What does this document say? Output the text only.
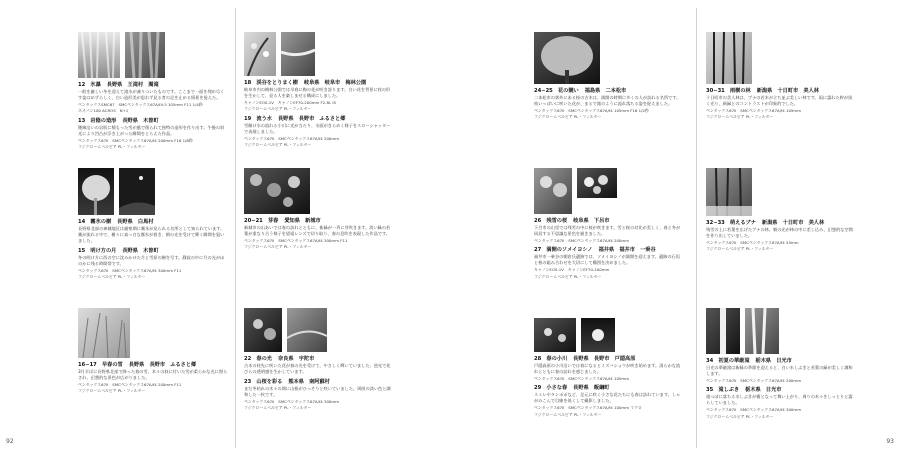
92
12　氷瀑 長野県　王滝村　濁滝
一般を厳しい冬を迎えて滝水が凍りついたものです。ここまで一面を埋め尽くす姿はめずらしく、白い造形美が思わず見る者の足を止める情景を捉えた。
ペンタックスSMC67　SMCペンタックス67A/f4.5 105mm F11 1/4秒
ネオパン100 ACROS　N+1
13　岩陰の造形 長野県　木曽町
稜線沿いの岩肌に積もった雪が風で削られて独特の造形を作り出す。午後の斜光により凹凸が浮き上がった瞬間をとらえた作品。
ペンタックス67II　SMCペンタックス67A/f4 200mm F16 1/8秒
フジクロームベルビア PL・フィルター
14　霧氷の樹 長野県　白馬村
長野県北部の神城地区は厳寒期に霧氷が見られる名所として知られています。霧が流れる中で、樹々に真っ白な霧氷が着き、朝の光を受けて輝く瞬間を狙いました。
15　明け方の月 長野県　木曽町
冬の明け方に西の空に沈みかけた月と雪原の樹を写す。静寂の中に月の光がほのかに残る時間帯です。
ペンタックス67II　SMCペンタックス67A/f4 300mm F11
フジクロームベルビア PL・フィルター
16−17　早春の雪 長野県　長野市　ふるさと郷
3月半ばに長野県北部で降った春の雪。木々の枝に付いた雪が柔らかな光に照らされ、幻想的な景色が広がりました。
ペンタックス67II　SMCペンタックス67A/f4 200mm F11
フジクロームベルビア PL・フィルター
18　渓谷をとりまく樹 岐阜県　岐阜市　梅林公園
岐阜市内の梅林公園では早春に梅の花が咲き誇ります。白い花を背景に枝の形を生かして、見る人を楽しませる構成にしました。
キャノンEOS-1V　キャノンEF70-200mm F2.8L IS
フジクロームベルビア PL・フィルター
19　流う水 長野県　長野市　ふるさと郷
雪解け水の流れる小川に光が当たり、水面がきらめく様子をスローシャッターで表現しました。
ペンタックス67II　SMCペンタックス67A/f4 200mm
フジクロームベルビア PL・フィルター
20−21　芽春 愛知県　新城市
新城市の山あいでは春の訪れとともに、新緑が一斉に芽吹きます。淡い緑の若葉が重なり合う様子を望遠レンズで切り取り、春の息吹を表現した作品です。
ペンタックス67II　SMCペンタックス67A/f4 300mm F11
フジクロームベルビア PL・フィルター
22　春の光 奈良県　宇陀市
古木の枝先に咲いた花が春の光を受けて、やさしく輝いていました。逆光で花びらの透明感を生かしています。
23　山桜を彩る 熊本県　南阿蘇村
まだ冬枯れの木々の間に山桜がひっそりと咲いていました。周囲の淡い色と調和した一枚です。
ペンタックス67II　SMCペンタックス67A/f4 300mm
フジクロームベルビア PL・フィルター
93
24−25　花の競い 福島県　二本松市
二本松市の郊外にある桜の古木は、満開の時期に多くの人が訪れる名所です。枝いっぱいに咲いた花が、まるで滝のように流れ落ちる姿を捉えました。
ペンタックス67II　SMCペンタックス67A/f4 105mm F16 1/2秒
フジクロームベルビア PL・フィルター
26　残雪の桜 岐阜県　下呂市
下呂市の山里では残雪の中に桜が咲きます。雪と桜の対比が美しく、春と冬が同居する不思議な景色を描きました。
ペンタックス67II　SMCペンタックス67A/f4 200mm
27　満開のソメイヨシノ 福井県　福井市　一乗谷
福井市一乗谷の朝倉氏遺跡では、ソメイヨシノが満開を迎えます。遺跡の石垣と桜の組み合わせを大切にして構図を決めました。
キャノンEOS-1V　キャノンEF70-200mm
フジクロームベルビア PL・フィルター
28　春の小川 長野県　長野市　戸隠高原
戸隠高原の小川沿いでは春になるとミズバショウが咲き始めます。清らかな流れとともに春の訪れを感じました。
ペンタックス67II　SMCペンタックス67A/f4 105mm
29　小さな春 長野県　飯綱町
スミレやタンポポなど、足元に咲く小さな花たちにも春は訪れています。しゃがみこんで目線を低くして撮影しました。
ペンタックス67II　SMCペンタックス67A/f4 100mm マクロ
フジクロームベルビア PL・フィルター
30−31　雨樹の林 新潟県　十日町市　美人林
十日町市の美人林は、ブナの若木が立ち並ぶ美しい林です。雨に濡れた幹が黒く光り、新緑とのコントラストが印象的でした。
ペンタックス67II　SMCペンタックス67A/f4 105mm
フジクロームベルビア PL・フィルター
32−33　萌えるブナ 新潟県　十日町市　美人林
残雪の上に若葉を広げたブナの林。朝の光が林の中に差し込み、幻想的な空間を作り出していました。
ペンタックス67II　SMCペンタックス67A/f4 55mm
フジクロームベルビア PL・フィルター
34　初夏の華厳滝 栃木県　日光市
日光の華厳滝は新緑の季節を迎えると、白い水しぶきと若葉の緑が美しく調和します。
ペンタックス67II　SMCペンタックス67A/f4 200mm
35　滝しぶき 栃木県　日光市
滝つぼに落ちる水しぶきが霧となって舞い上がり、周りの木々をしっとりと濡らしていました。
ペンタックス67II　SMCペンタックス67A/f4 300mm
フジクロームベルビア PL・フィルター
